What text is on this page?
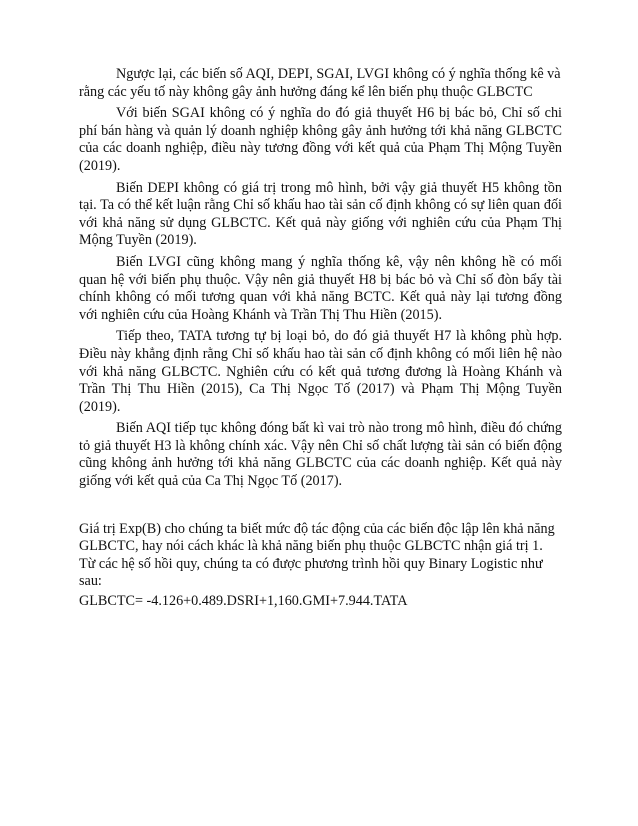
Ngược lại, các biến số AQI, DEPI, SGAI, LVGI không có ý nghĩa thống kê và rằng các yếu tố này không gây ảnh hưởng đáng kể lên biến phụ thuộc GLBCTC

Với biến SGAI không có ý nghĩa do đó giả thuyết H6 bị bác bỏ, Chỉ số chi phí bán hàng và quản lý doanh nghiệp không gây ảnh hưởng tới khả năng GLBCTC của các doanh nghiệp, điều này tương đồng với kết quả của Phạm Thị Mộng Tuyền (2019).

Biến DEPI không có giá trị trong mô hình, bởi vậy giả thuyết H5 không tồn tại. Ta có thể kết luận rằng Chỉ số khấu hao tài sản cố định không có sự liên quan đối với khả năng sử dụng GLBCTC. Kết quả này giống với nghiên cứu của Phạm Thị Mộng Tuyền (2019).

Biến LVGI cũng không mang ý nghĩa thống kê, vậy nên không hề có mối quan hệ với biến phụ thuộc. Vậy nên giả thuyết H8 bị bác bỏ và Chỉ số đòn bẩy tài chính không có mối tương quan với khả năng BCTC. Kết quả này lại tương đồng với nghiên cứu của Hoàng Khánh và Trần Thị Thu Hiền (2015).

Tiếp theo, TATA tương tự bị loại bỏ, do đó giả thuyết H7 là không phù hợp. Điều này khẳng định rằng Chỉ số khấu hao tài sản cố định không có mối liên hệ nào với khả năng GLBCTC. Nghiên cứu có kết quả tương đương là Hoàng Khánh và Trần Thị Thu Hiền (2015), Ca Thị Ngọc Tố (2017) và Phạm Thị Mộng Tuyền (2019).

Biến AQI tiếp tục không đóng bất kì vai trò nào trong mô hình, điều đó chứng tỏ giả thuyết H3 là không chính xác. Vậy nên Chỉ số chất lượng tài sản có biến động cũng không ảnh hưởng tới khả năng GLBCTC của các doanh nghiệp. Kết quả này giống với kết quả của Ca Thị Ngọc Tố (2017).

Giá trị Exp(B) cho chúng ta biết mức độ tác động của các biến độc lập lên khả năng GLBCTC, hay nói cách khác là khả năng biến phụ thuộc GLBCTC nhận giá trị 1.

Từ các hệ số hồi quy, chúng ta có được phương trình hồi quy Binary Logistic như sau:

GLBCTC= -4.126+0.489.DSRI+1,160.GMI+7.944.TATA
